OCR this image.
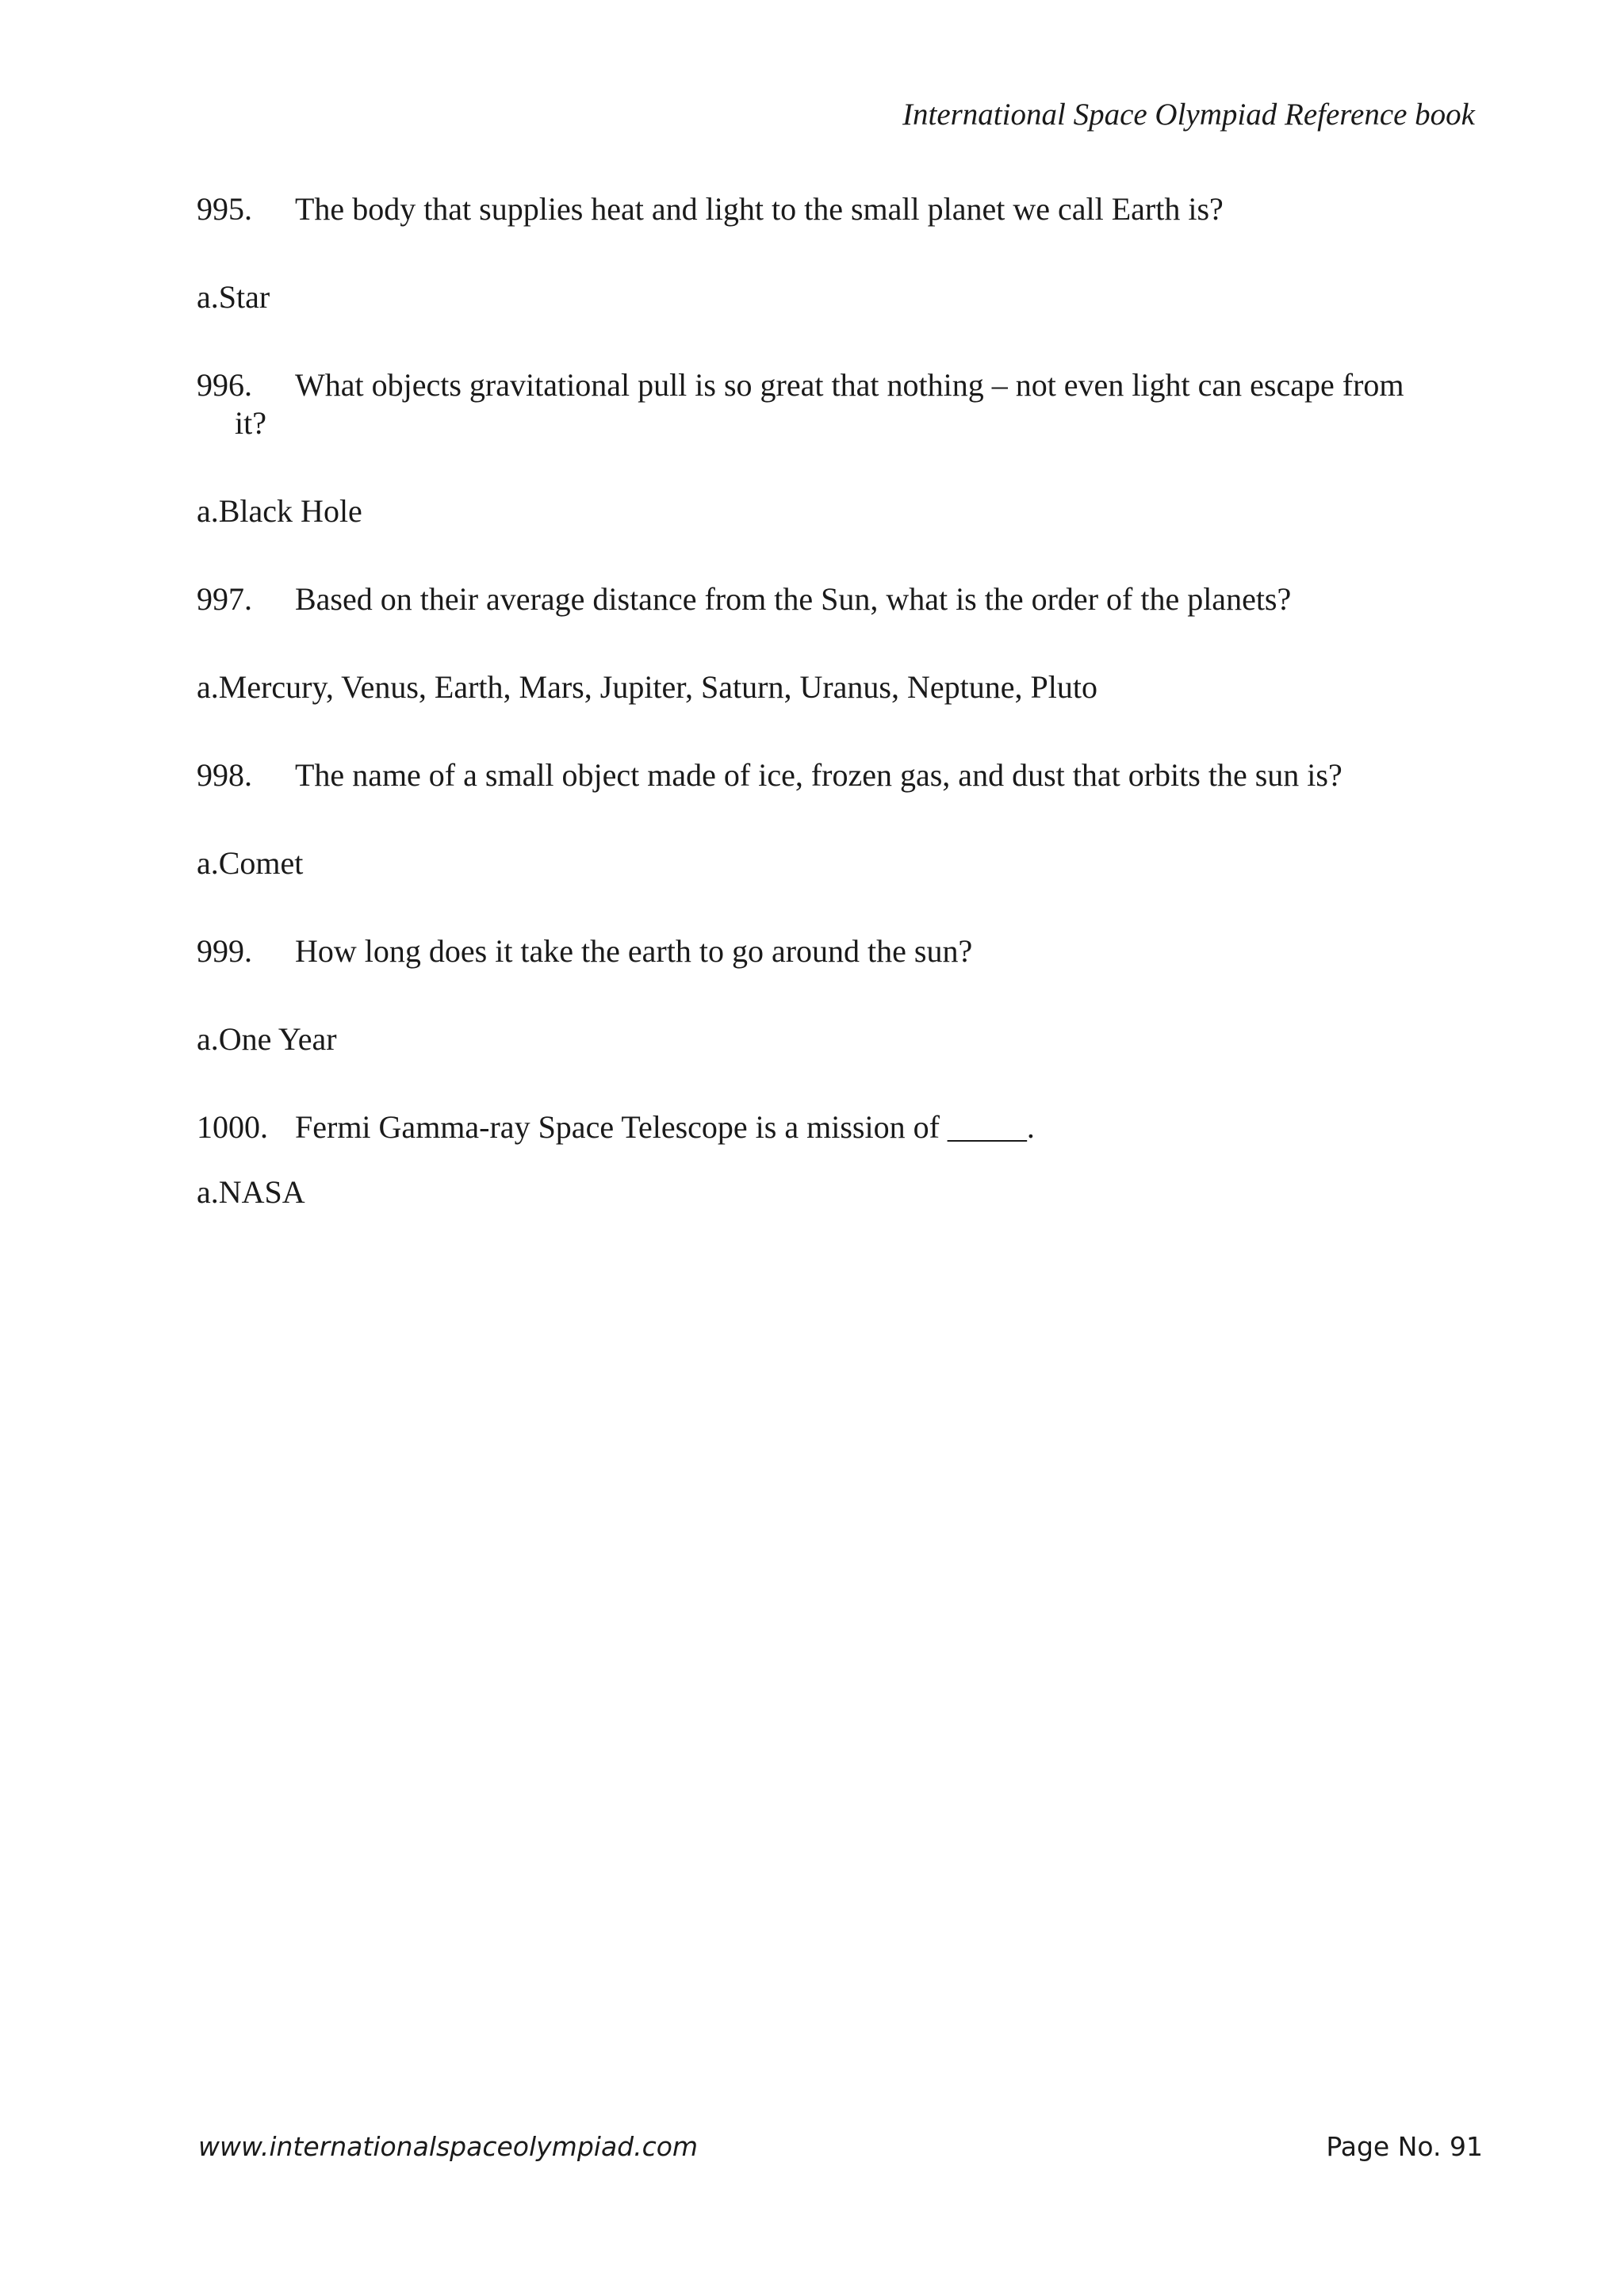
International Space Olympiad Reference book
995. The body that supplies heat and light to the small planet we call Earth is?
a.Star
996. What objects gravitational pull is so great that nothing – not even light can escape from
it?
a.Black Hole
997. Based on their average distance from the Sun, what is the order of the planets?
a.Mercury, Venus, Earth, Mars, Jupiter, Saturn, Uranus, Neptune, Pluto
998. The name of a small object made of ice, frozen gas, and dust that orbits the sun is?
a.Comet
999. How long does it take the earth to go around the sun?
a.One Year
1000. Fermi Gamma-ray Space Telescope is a mission of _____.
a.NASA
www.internationalspaceolympiad.com	Page No. 91
